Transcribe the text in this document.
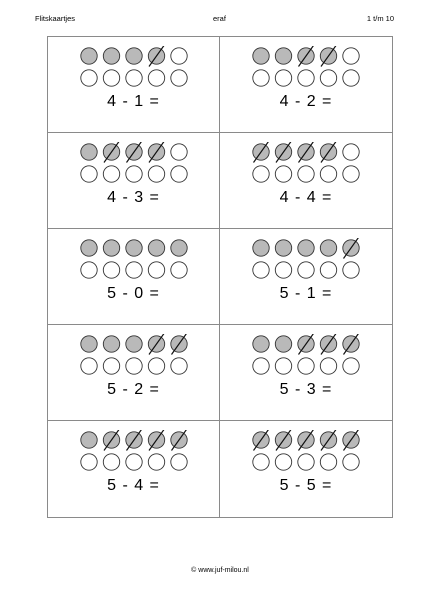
Flitskaartjes	eraf	1 t/m 10
4 - 1 =	4 - 2 =
4 - 3 =	4 - 4 =
5 - 0 =	5 - 1 =
5 - 2 =	5 - 3 =
5 - 4 =	5 - 5 =
© www.juf-milou.nl
